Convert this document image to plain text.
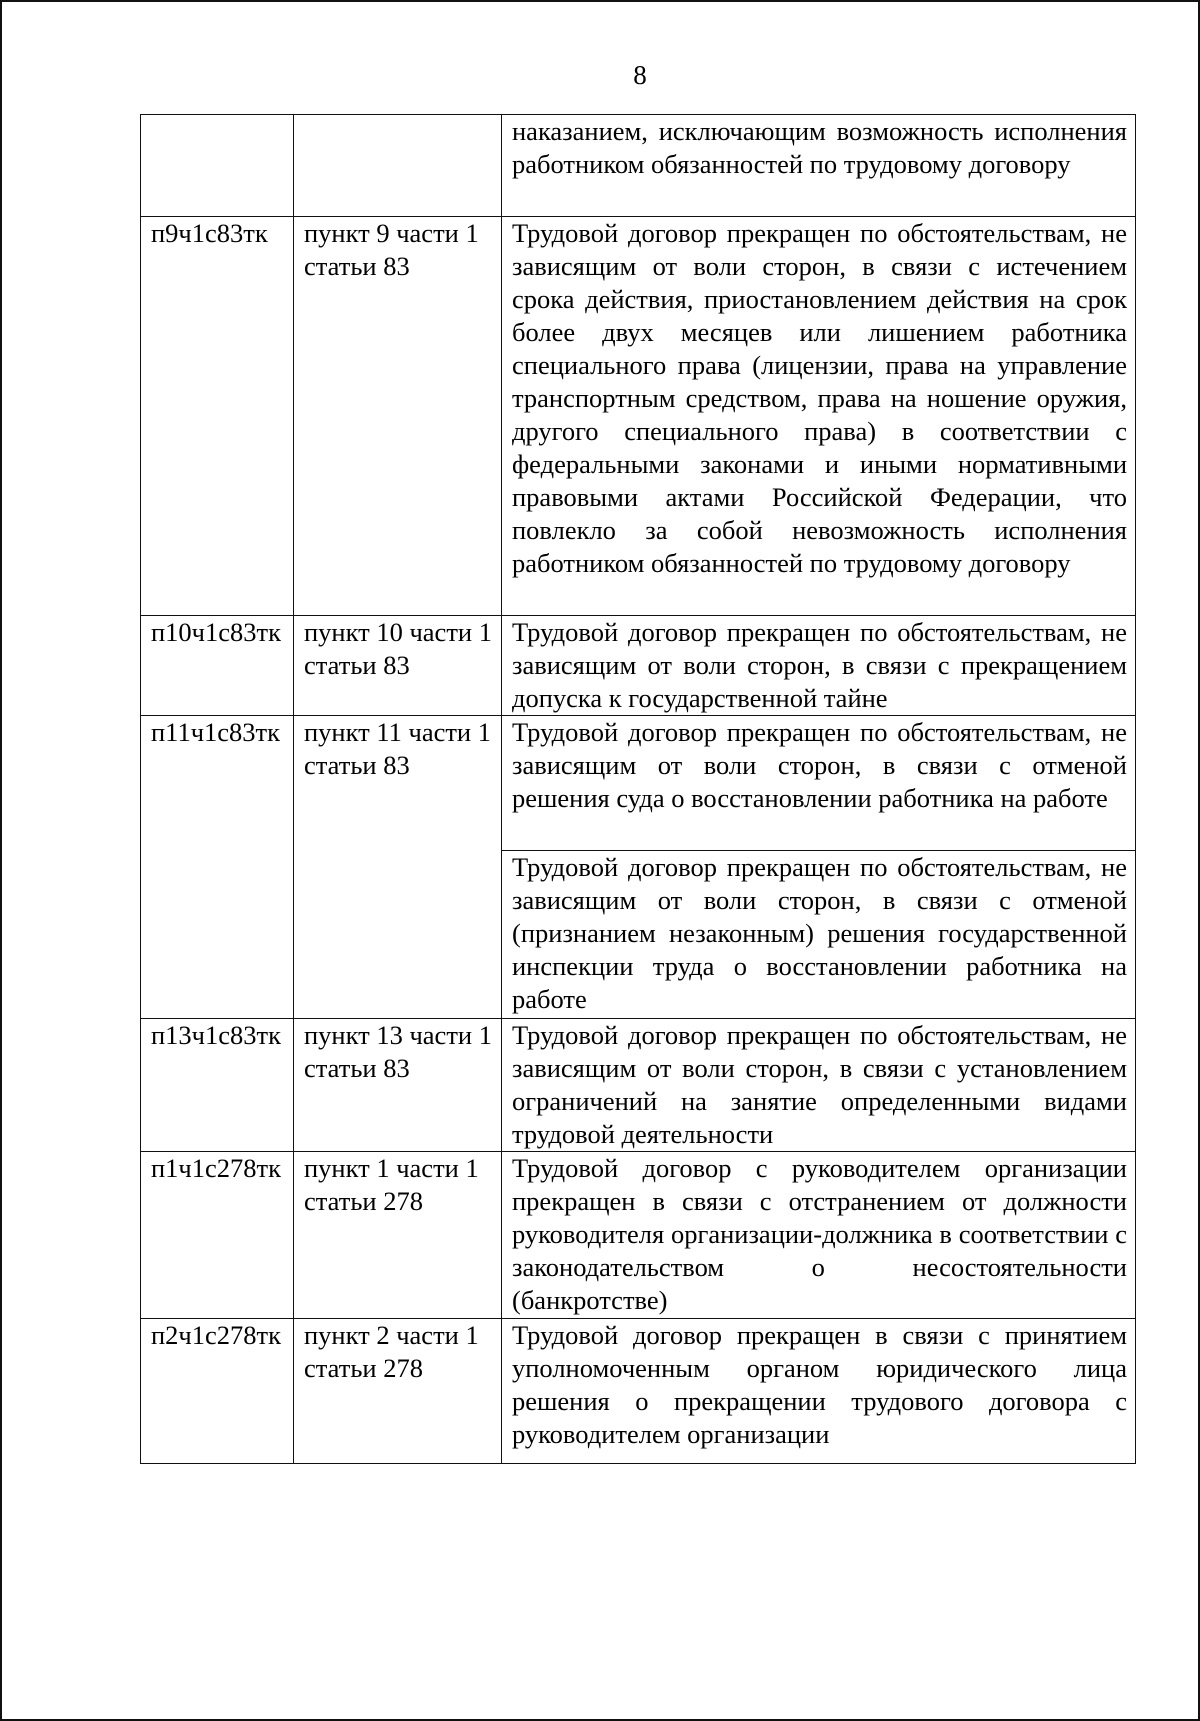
8

		наказанием, исключающим возможность исполнения работником обязанностей по трудовому договору

п9ч1с83тк	пункт 9 части 1 статьи 83	Трудовой договор прекращен по обстоятельствам, не зависящим от воли сторон, в связи с истечением срока действия, приостановлением действия на срок более двух месяцев или лишением работника специального права (лицензии, права на управление транспортным средством, права на ношение оружия, другого специального права) в соответствии с федеральными законами и иными нормативными правовыми актами Российской Федерации, что повлекло за собой невозможность исполнения работником обязанностей по трудовому договору

п10ч1с83тк	пункт 10 части 1 статьи 83	Трудовой договор прекращен по обстоятельствам, не зависящим от воли сторон, в связи с прекращением допуска к государственной тайне

п11ч1с83тк	пункт 11 части 1 статьи 83	Трудовой договор прекращен по обстоятельствам, не зависящим от воли сторон, в связи с отменой решения суда о восстановлении работника на работе

		Трудовой договор прекращен по обстоятельствам, не зависящим от воли сторон, в связи с отменой (признанием незаконным) решения государственной инспекции труда о восстановлении работника на работе

п13ч1с83тк	пункт 13 части 1 статьи 83	Трудовой договор прекращен по обстоятельствам, не зависящим от воли сторон, в связи с установлением ограничений на занятие определенными видами трудовой деятельности

п1ч1с278тк	пункт 1 части 1 статьи 278	Трудовой договор с руководителем организации прекращен в связи с отстранением от должности руководителя организации-должника в соответствии с законодательством о несостоятельности (банкротстве)

п2ч1с278тк	пункт 2 части 1 статьи 278	Трудовой договор прекращен в связи с принятием уполномоченным органом юридического лица решения о прекращении трудового договора с руководителем организации
